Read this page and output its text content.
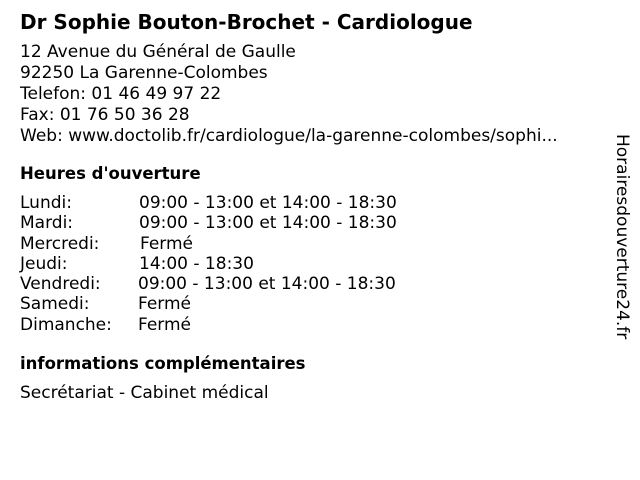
Dr Sophie Bouton-Brochet - Cardiologue
12 Avenue du Général de Gaulle
92250 La Garenne-Colombes
Telefon: 01 46 49 97 22
Fax: 01 76 50 36 28
Web: www.doctolib.fr/cardiologue/la-garenne-colombes/sophi...
Heures d'ouverture
Lundi:	09:00 - 13:00 et 14:00 - 18:30
Mardi:	09:00 - 13:00 et 14:00 - 18:30
Mercredi: Fermé
Jeudi:	14:00 - 18:30
Vendredi: 09:00 - 13:00 et 14:00 - 18:30
Samedi:	Fermé
Dimanche: Fermé
informations complémentaires
Secrétariat - Cabinet médical
Horairesdouverture24.fr
